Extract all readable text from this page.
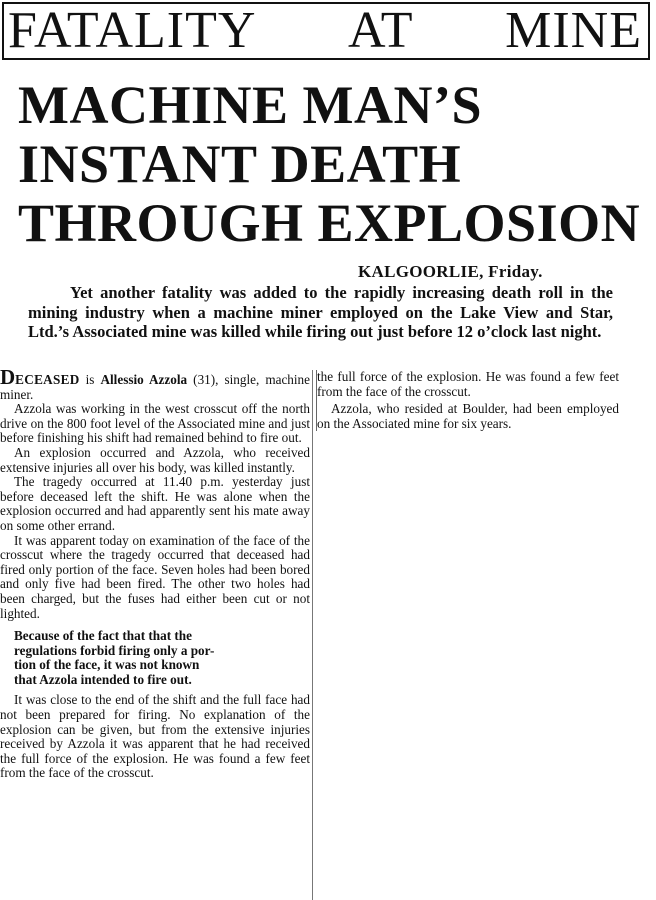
FATALITY AT MINE
MACHINE MAN’S
INSTANT DEATH
THROUGH EXPLOSION
KALGOORLIE, Friday.
Yet another fatality was added to the rapidly increasing death roll in the mining industry when a machine miner employed on the Lake View and Star, Ltd.’s Associated mine was killed while firing out just before 12 o’clock last night.

DECEASED is Allessio Azzola (31), single, machine miner.

Azzola was working in the west crosscut off the north drive on the 800 foot level of the Associated mine and just before finishing his shift had remained behind to fire out.

An explosion occurred and Azzola, who received extensive injuries all over his body, was killed instantly.

The tragedy occurred at 11.40 p.m. yesterday just before deceased left the shift. He was alone when the explosion occurred and had apparently sent his mate away on some other errand.

It was apparent today on examination of the face of the crosscut where the tragedy occurred that deceased had fired only portion of the face. Seven holes had been bored and only five had been fired. The other two holes had been charged, but the fuses had either been cut or not lighted.

Because of the fact that that the
regulations forbid firing only a por-
tion of the face, it was not known
that Azzola intended to fire out.

It was close to the end of the shift and the full face had not been prepared for firing. No explanation of the explosion can be given, but from the extensive injuries received by Azzola it was apparent that he had received the full force of the explosion. He was found a few feet from the face of the crosscut.

the full force of the explosion. He was found a few feet from the face of the crosscut.

Azzola, who resided at Boulder, had been employed on the Associated mine for six years.
